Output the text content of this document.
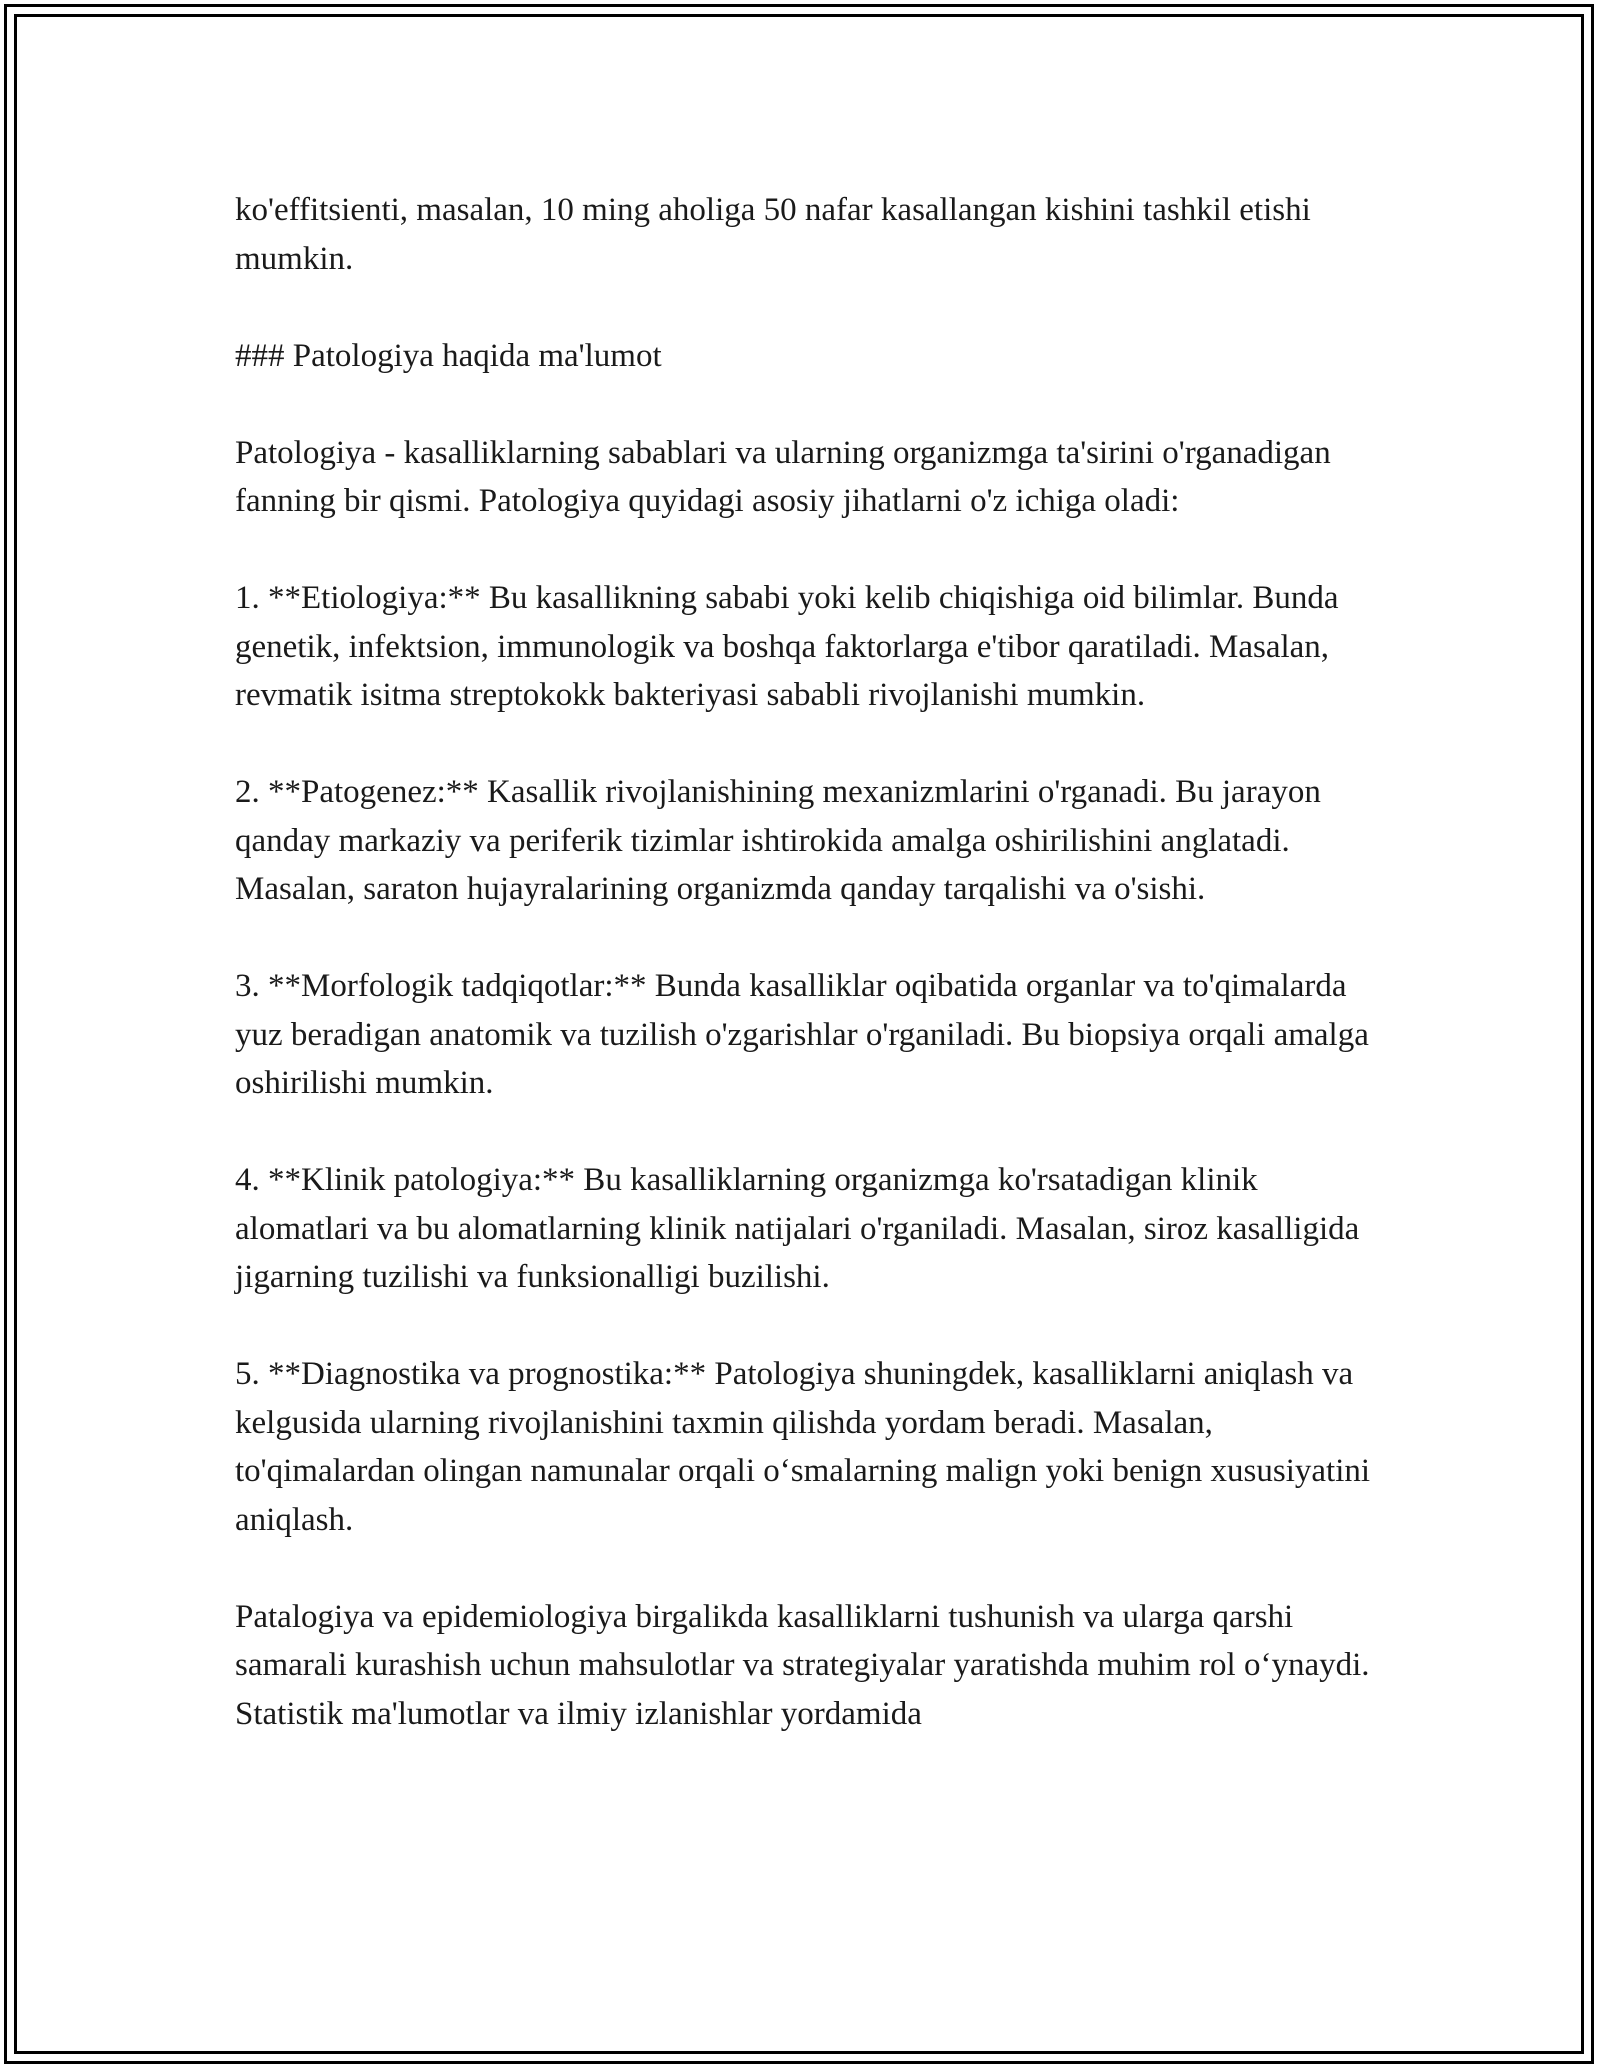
ko'effitsienti, masalan, 10 ming aholiga 50 nafar kasallangan kishini tashkil etishi mumkin.

### Patologiya haqida ma'lumot

Patologiya - kasalliklarning sabablari va ularning organizmga ta'sirini o'rganadigan fanning bir qismi. Patologiya quyidagi asosiy jihatlarni o'z ichiga oladi:

1. **Etiologiya:** Bu kasallikning sababi yoki kelib chiqishiga oid bilimlar. Bunda genetik, infektsion, immunologik va boshqa faktorlarga e'tibor qaratiladi. Masalan, revmatik isitma streptokokk bakteriyasi sababli rivojlanishi mumkin.

2. **Patogenez:** Kasallik rivojlanishining mexanizmlarini o'rganadi. Bu jarayon qanday markaziy va periferik tizimlar ishtirokida amalga oshirilishini anglatadi. Masalan, saraton hujayralarining organizmda qanday tarqalishi va o'sishi.

3. **Morfologik tadqiqotlar:** Bunda kasalliklar oqibatida organlar va to'qimalarda yuz beradigan anatomik va tuzilish o'zgarishlar o'rganiladi. Bu biopsiya orqali amalga oshirilishi mumkin.

4. **Klinik patologiya:** Bu kasalliklarning organizmga ko'rsatadigan klinik alomatlari va bu alomatlarning klinik natijalari o'rganiladi. Masalan, siroz kasalligida jigarning tuzilishi va funksionalligi buzilishi.

5. **Diagnostika va prognostika:** Patologiya shuningdek, kasalliklarni aniqlash va kelgusida ularning rivojlanishini taxmin qilishda yordam beradi. Masalan, to'qimalardan olingan namunalar orqali o‘smalarning malign yoki benign xususiyatini aniqlash.

Patalogiya va epidemiologiya birgalikda kasalliklarni tushunish va ularga qarshi samarali kurashish uchun mahsulotlar va strategiyalar yaratishda muhim rol o‘ynaydi. Statistik ma'lumotlar va ilmiy izlanishlar yordamida
